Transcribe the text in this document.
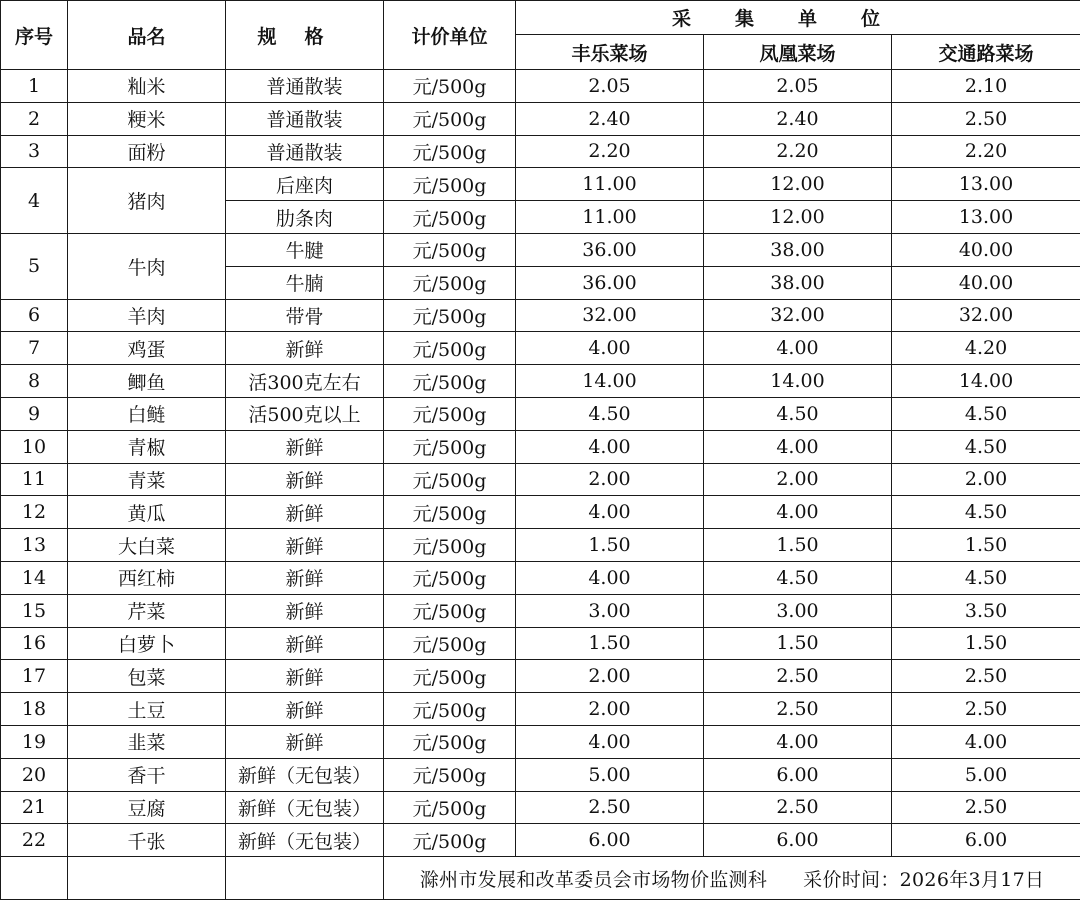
序号	品名	规格	计价单位	采集单位		
				丰乐菜场	凤凰菜场	交通路菜场
1	籼米	普通散装	元/500g	2.05	2.05	2.10
2	粳米	普通散装	元/500g	2.40	2.40	2.50
3	面粉	普通散装	元/500g	2.20	2.20	2.20
4	猪肉	后座肉	元/500g	11.00	12.00	13.00
		肋条肉	元/500g	11.00	12.00	13.00
5	牛肉	牛腱	元/500g	36.00	38.00	40.00
		牛腩	元/500g	36.00	38.00	40.00
6	羊肉	带骨	元/500g	32.00	32.00	32.00
7	鸡蛋	新鲜	元/500g	4.00	4.00	4.20
8	鲫鱼	活300克左右	元/500g	14.00	14.00	14.00
9	白鲢	活500克以上	元/500g	4.50	4.50	4.50
10	青椒	新鲜	元/500g	4.00	4.00	4.50
11	青菜	新鲜	元/500g	2.00	2.00	2.00
12	黄瓜	新鲜	元/500g	4.00	4.00	4.50
13	大白菜	新鲜	元/500g	1.50	1.50	1.50
14	西红柿	新鲜	元/500g	4.00	4.50	4.50
15	芹菜	新鲜	元/500g	3.00	3.00	3.50
16	白萝卜	新鲜	元/500g	1.50	1.50	1.50
17	包菜	新鲜	元/500g	2.00	2.50	2.50
18	土豆	新鲜	元/500g	2.00	2.50	2.50
19	韭菜	新鲜	元/500g	4.00	4.00	4.00
20	香干	新鲜（无包装）	元/500g	5.00	6.00	5.00
21	豆腐	新鲜（无包装）	元/500g	2.50	2.50	2.50
22	千张	新鲜（无包装）	元/500g	6.00	6.00	6.00
			滁州市发展和改革委员会市场物价监测科 采价时间：2026年3月17日			
